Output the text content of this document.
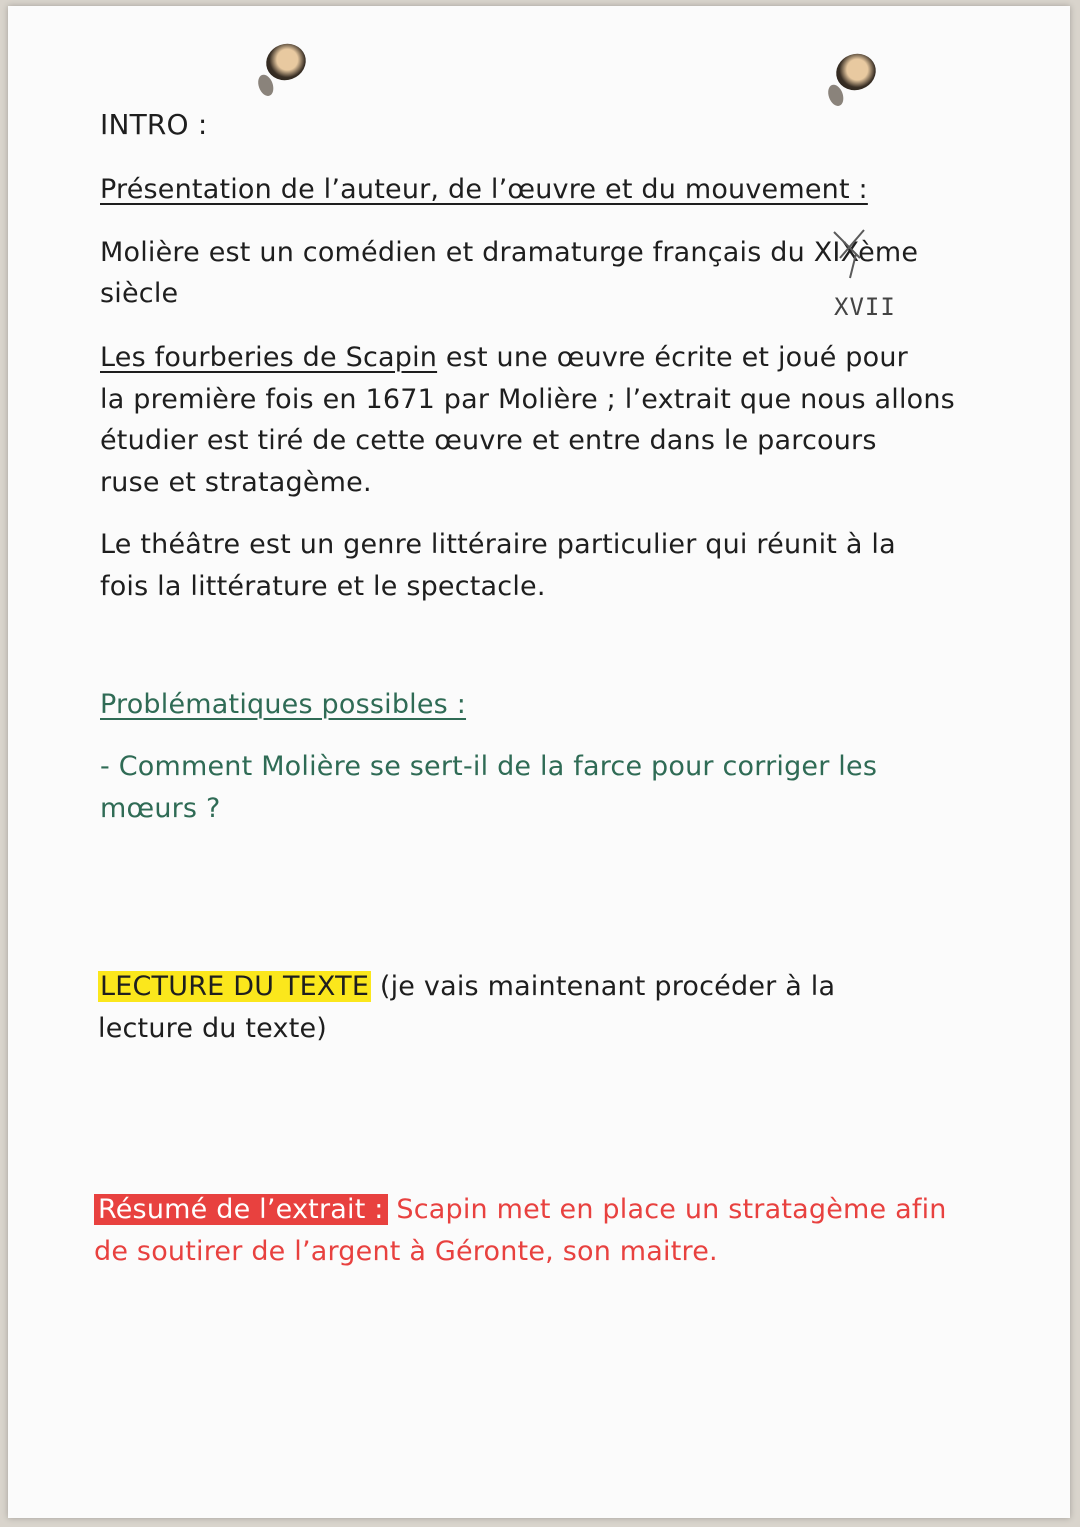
INTRO :

Présentation de l’auteur, de l’œuvre et du mouvement :

Molière est un comédien et dramaturge français du XIXème

siècle	XVII

Les fourberies de Scapin est une œuvre écrite et joué pour

la première fois en 1671 par Molière ; l’extrait que nous allons

étudier est tiré de cette œuvre et entre dans le parcours

ruse et stratagème.

Le théâtre est un genre littéraire particulier qui réunit à la

fois la littérature et le spectacle.

Problématiques possibles :

- Comment Molière se sert-il de la farce pour corriger les

mœurs ?

LECTURE DU TEXTE (je vais maintenant procéder à la

lecture du texte)

Résumé de l’extrait : Scapin met en place un stratagème afin

de soutirer de l’argent à Géronte, son maitre.
